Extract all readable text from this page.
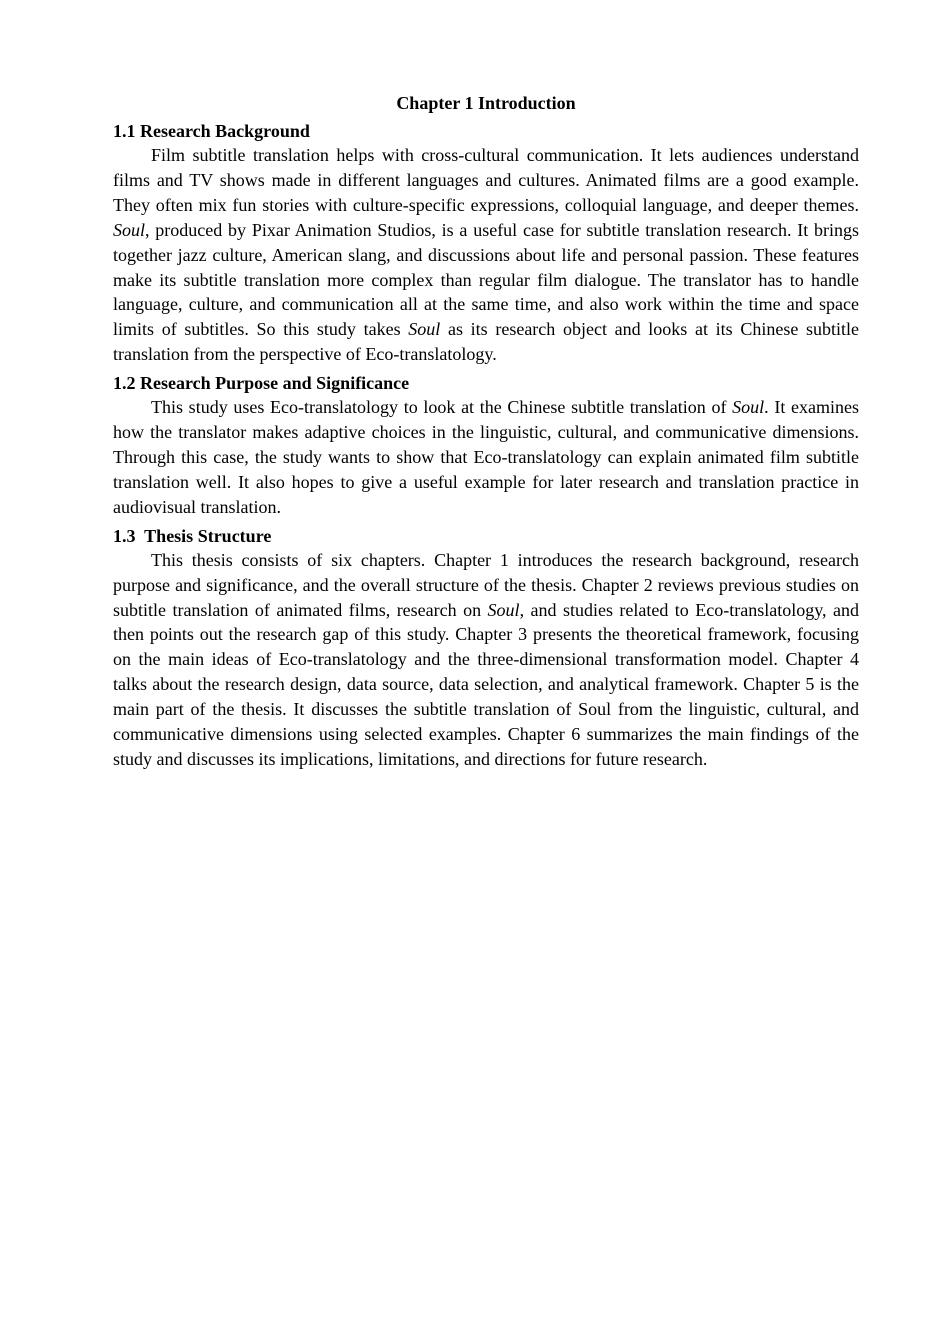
Chapter 1 Introduction
1.1 Research Background

Film subtitle translation helps with cross-cultural communication. It lets audiences understand films and TV shows made in different languages and cultures. Animated films are a good example. They often mix fun stories with culture-specific expressions, colloquial language, and deeper themes. Soul, produced by Pixar Animation Studios, is a useful case for subtitle translation research. It brings together jazz culture, American slang, and discussions about life and personal passion. These features make its subtitle translation more complex than regular film dialogue. The translator has to handle language, culture, and communication all at the same time, and also work within the time and space limits of subtitles. So this study takes Soul as its research object and looks at its Chinese subtitle translation from the perspective of Eco-translatology.

1.2 Research Purpose and Significance

This study uses Eco-translatology to look at the Chinese subtitle translation of Soul. It examines how the translator makes adaptive choices in the linguistic, cultural, and communicative dimensions. Through this case, the study wants to show that Eco-translatology can explain animated film subtitle translation well. It also hopes to give a useful example for later research and translation practice in audiovisual translation.

1.3  Thesis Structure

This thesis consists of six chapters. Chapter 1 introduces the research background, research purpose and significance, and the overall structure of the thesis. Chapter 2 reviews previous studies on subtitle translation of animated films, research on Soul, and studies related to Eco-translatology, and then points out the research gap of this study. Chapter 3 presents the theoretical framework, focusing on the main ideas of Eco-translatology and the three-dimensional transformation model. Chapter 4 talks about the research design, data source, data selection, and analytical framework. Chapter 5 is the main part of the thesis. It discusses the subtitle translation of Soul from the linguistic, cultural, and communicative dimensions using selected examples. Chapter 6 summarizes the main findings of the study and discusses its implications, limitations, and directions for future research.
